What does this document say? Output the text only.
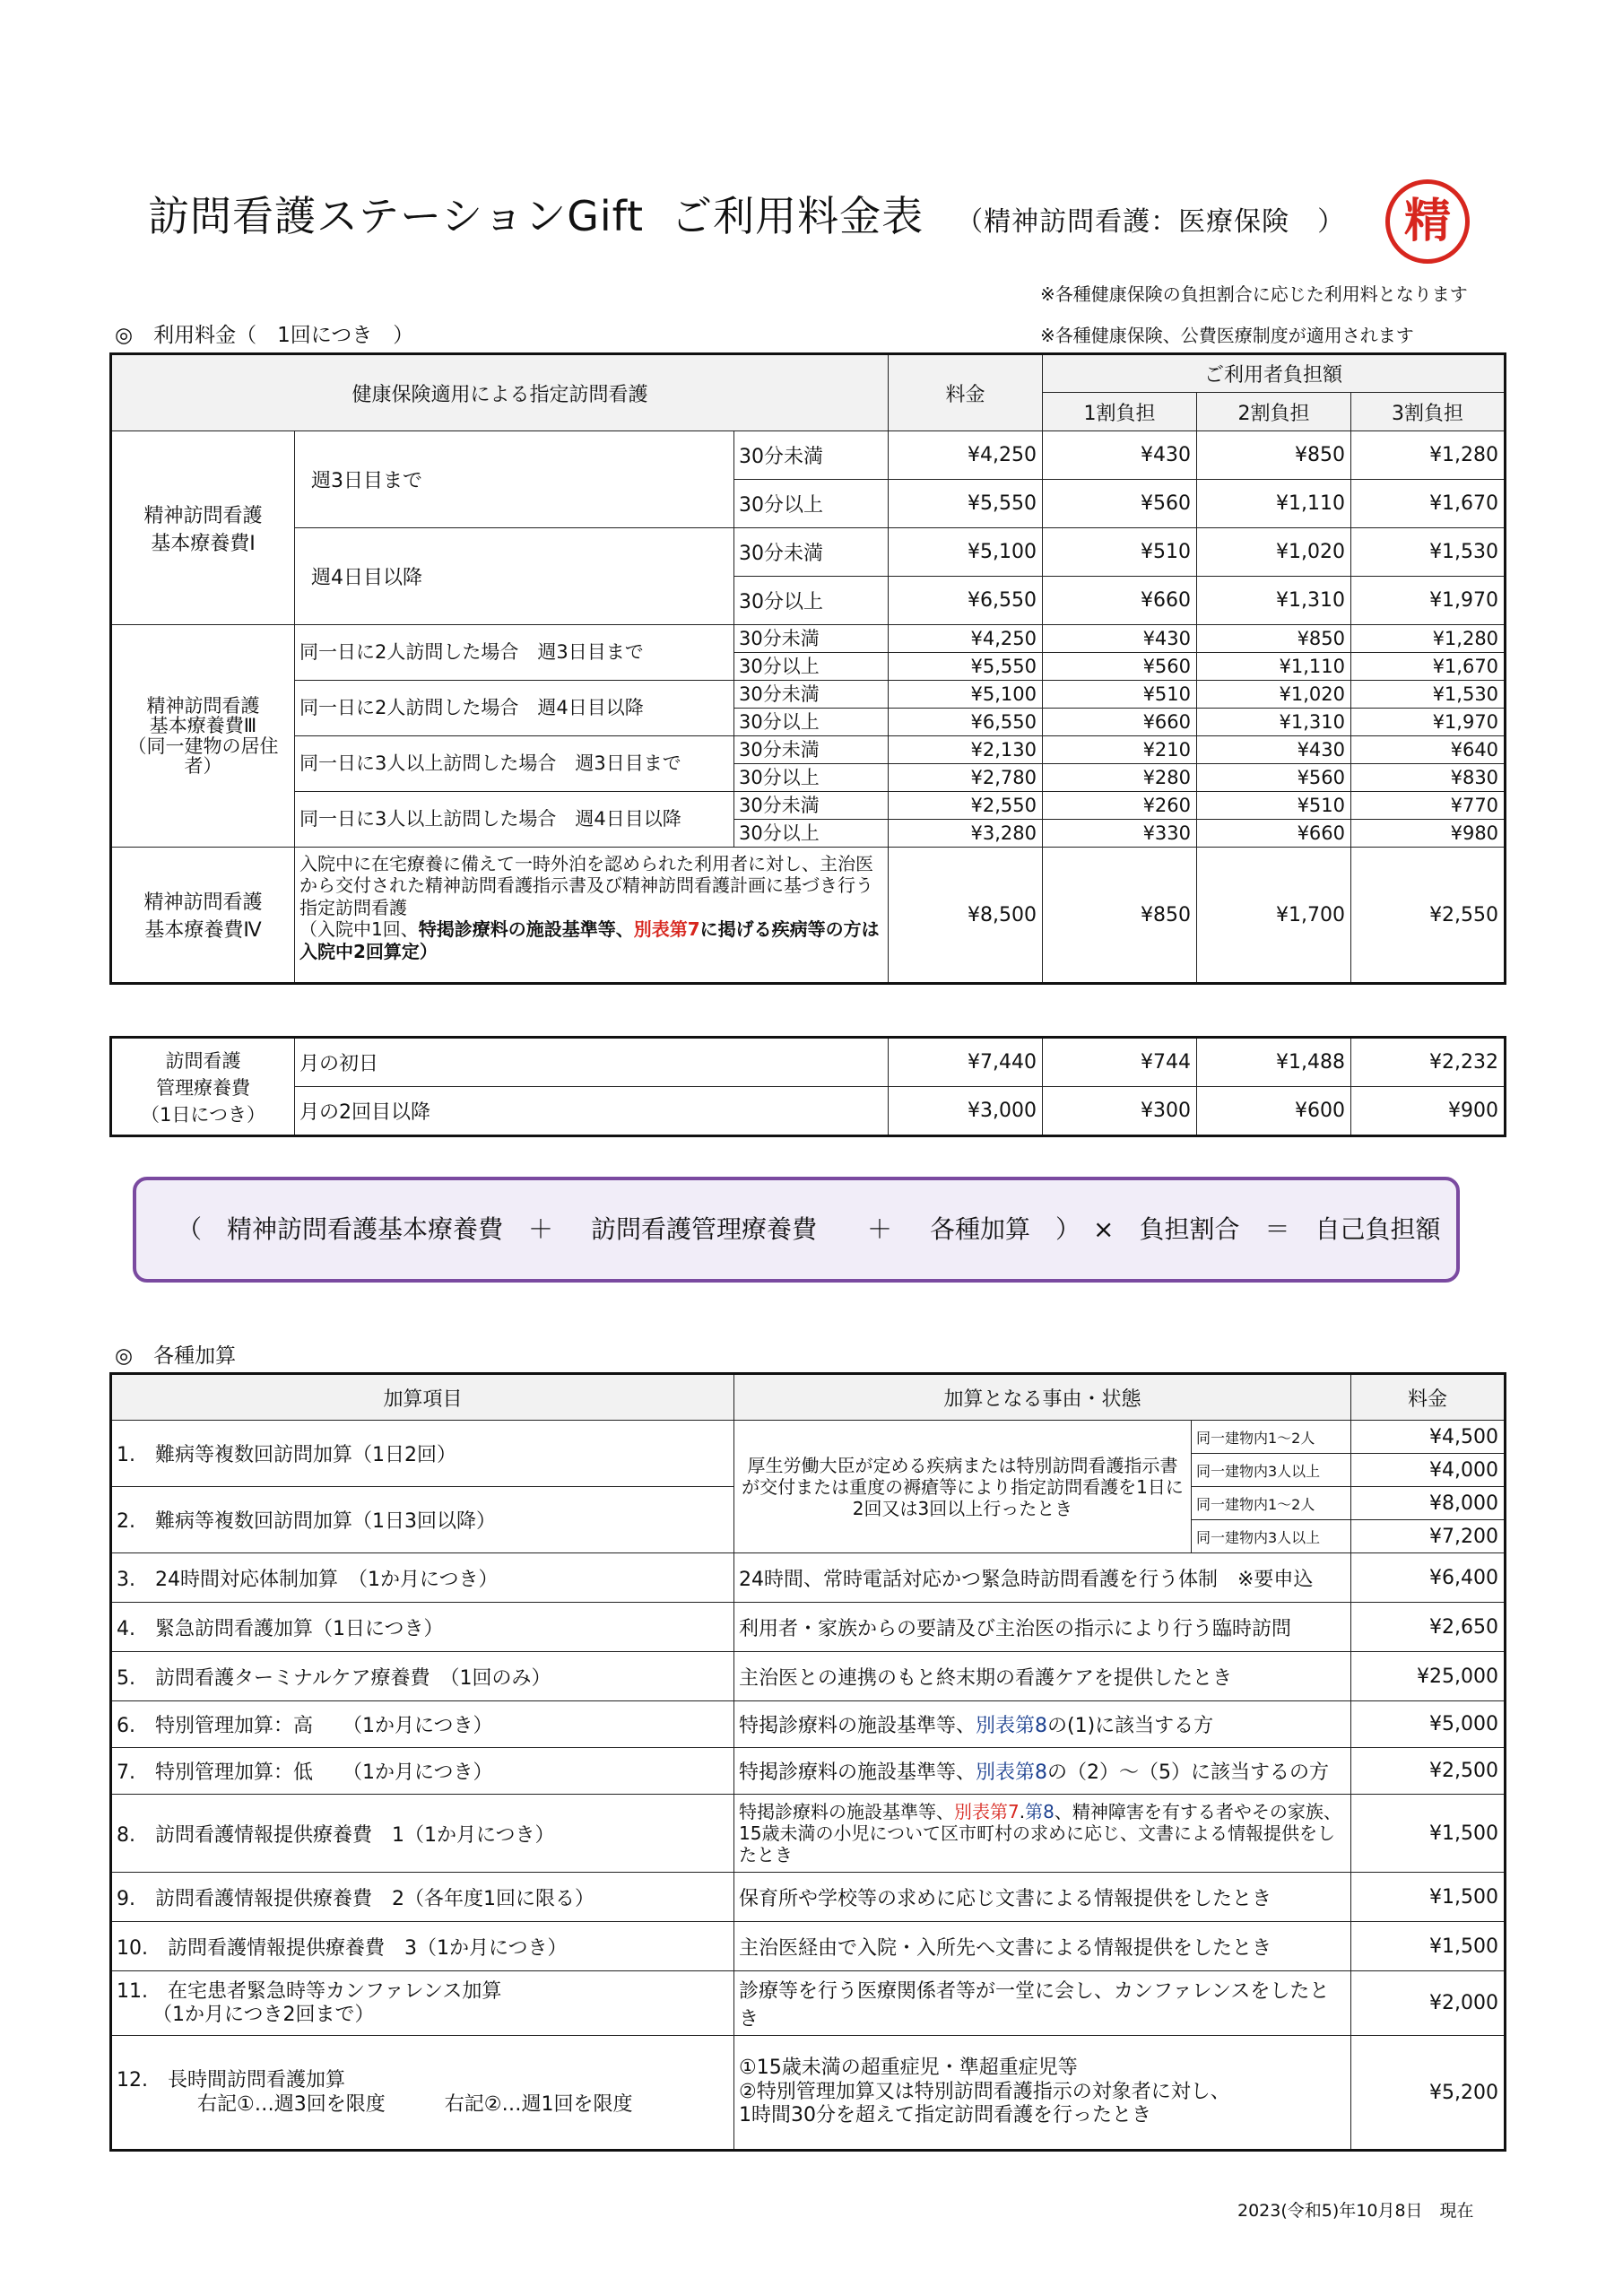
訪問看護ステーションGift ご利用料金表 （精神訪問看護：医療保険　）	精
※各種健康保険の負担割合に応じた利用料となります
※各種健康保険、公費医療制度が適用されます
◎　利用料金（　1回につき　）
健康保険適用による指定訪問看護			料金	ご利用者負担額		
				1割負担	2割負担	3割負担
精神訪問看護
基本療養費Ⅰ	週3日目まで	30分未満	¥4,250	¥430	¥850	¥1,280
		30分以上	¥5,550	¥560	¥1,110	¥1,670
	週4日目以降	30分未満	¥5,100	¥510	¥1,020	¥1,530
		30分以上	¥6,550	¥660	¥1,310	¥1,970
精神訪問看護
基本療養費Ⅲ
（同一建物の居住者）	同一日に2人訪問した場合　週3日目まで	30分未満	¥4,250	¥430	¥850	¥1,280
		30分以上	¥5,550	¥560	¥1,110	¥1,670
	同一日に2人訪問した場合　週4日目以降	30分未満	¥5,100	¥510	¥1,020	¥1,530
		30分以上	¥6,550	¥660	¥1,310	¥1,970
	同一日に3人以上訪問した場合　週3日目まで	30分未満	¥2,130	¥210	¥430	¥640
		30分以上	¥2,780	¥280	¥560	¥830
	同一日に3人以上訪問した場合　週4日目以降	30分未満	¥2,550	¥260	¥510	¥770
		30分以上	¥3,280	¥330	¥660	¥980
精神訪問看護
基本療養費Ⅳ	入院中に在宅療養に備えて一時外泊を認められた利用者に対し、主治医から交付された精神訪問看護指示書及び精神訪問看護計画に基づき行う指定訪問看護
（入院中1回、特掲診療料の施設基準等、別表第7に掲げる疾病等の方は入院中2回算定）		¥8,500	¥850	¥1,700	¥2,550
訪問看護
管理療養費
（1日につき）	月の初日	¥7,440	¥744	¥1,488	¥2,232
	月の2回目以降	¥3,000	¥300	¥600	¥900
（　精神訪問看護基本療養費　＋ 訪問看護管理療養費　　＋ 各種加算　）　×　負担割合　＝　自己負担額
◎　各種加算
加算項目	加算となる事由・状態		料金
1.　難病等複数回訪問加算（1日2回）	厚生労働大臣が定める疾病または特別訪問看護指示書が交付または重度の褥瘡等により指定訪問看護を1日に2回又は3回以上行ったとき	同一建物内1～2人	¥4,500
		同一建物内3人以上	¥4,000
2.　難病等複数回訪問加算（1日3回以降）		同一建物内1～2人	¥8,000
		同一建物内3人以上	¥7,200
3.　24時間対応体制加算　（1か月につき）	24時間、常時電話対応かつ緊急時訪問看護を行う体制　※要申込		¥6,400
4.　緊急訪問看護加算（1日につき）	利用者・家族からの要請及び主治医の指示により行う臨時訪問		¥2,650
5.　訪問看護ターミナルケア療養費　（1回のみ）	主治医との連携のもと終末期の看護ケアを提供したとき		¥25,000
6.　特別管理加算：高　　（1か月につき）	特掲診療料の施設基準等、別表第8の(1)に該当する方		¥5,000
7.　特別管理加算：低　　（1か月につき）	特掲診療料の施設基準等、別表第8の（2）～（5）に該当するの方		¥2,500
8.　訪問看護情報提供療養費　1（1か月につき）	特掲診療料の施設基準等、別表第7.第8、精神障害を有する者やその家族、15歳未満の小児について区市町村の求めに応じ、文書による情報提供をしたとき		¥1,500
9.　訪問看護情報提供療養費　2（各年度1回に限る）	保育所や学校等の求めに応じ文書による情報提供をしたとき		¥1,500
10.　訪問看護情報提供療養費　3（1か月につき）	主治医経由で入院・入所先へ文書による情報提供をしたとき		¥1,500
11.　在宅患者緊急時等カンファレンス加算
（1か月につき2回まで）	診療等を行う医療関係者等が一堂に会し、カンファレンスをしたとき		¥2,000
12.　長時間訪問看護加算
右記①…週3回を限度　　　右記②…週1回を限度	①15歳未満の超重症児・準超重症児等
②特別管理加算又は特別訪問看護指示の対象者に対し、
1時間30分を超えて指定訪問看護を行ったとき		¥5,200
2023(令和5)年10月8日　現在
